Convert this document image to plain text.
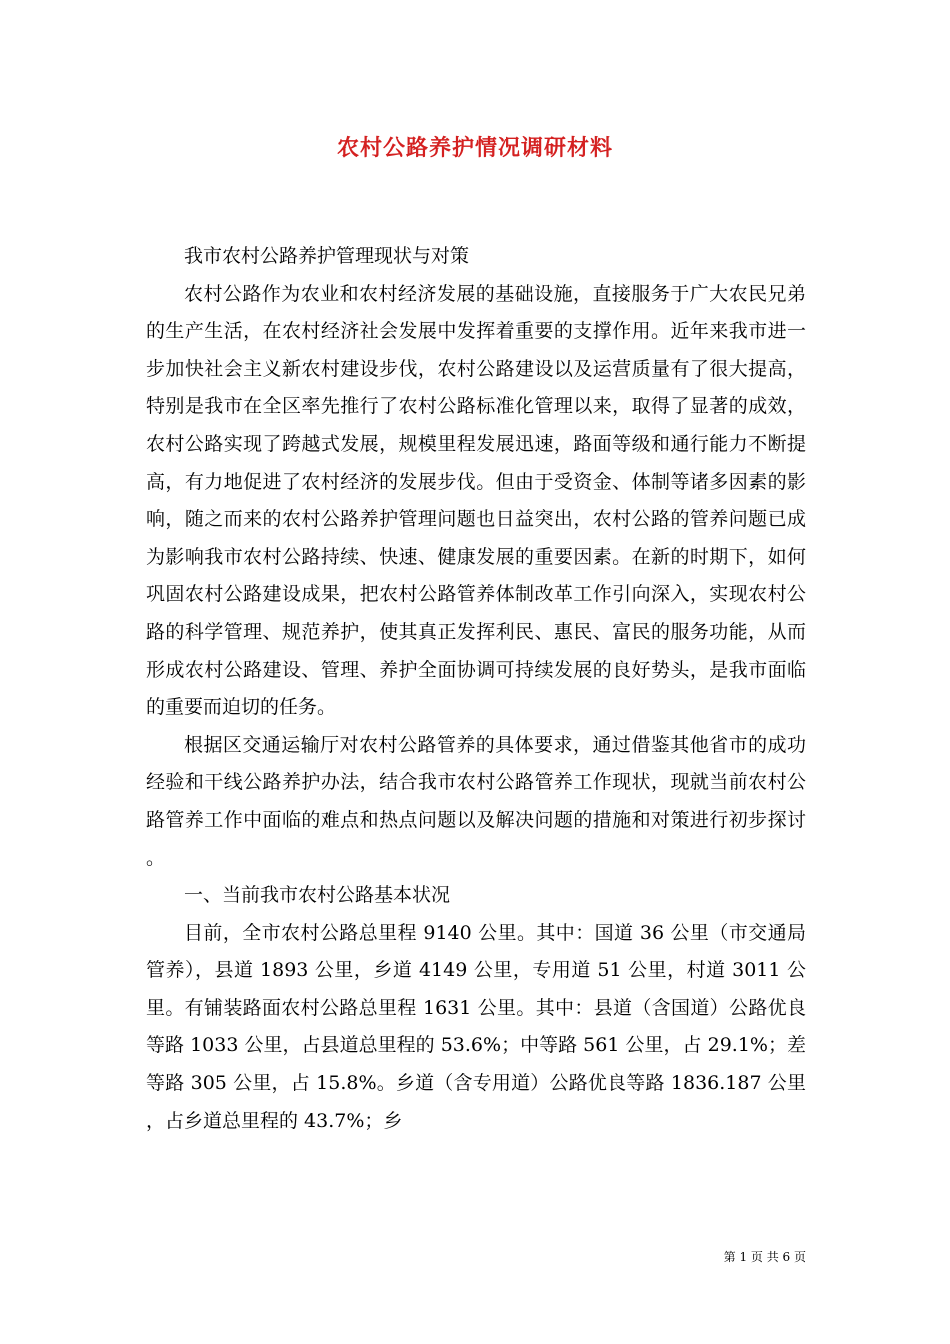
农村公路养护情况调研材料

我市农村公路养护管理现状与对策

农村公路作为农业和农村经济发展的基础设施，直接服务于广大农民兄弟的生产生活，在农村经济社会发展中发挥着重要的支撑作用。近年来我市进一步加快社会主义新农村建设步伐，农村公路建设以及运营质量有了很大提高，特别是我市在全区率先推行了农村公路标准化管理以来，取得了显著的成效，农村公路实现了跨越式发展，规模里程发展迅速，路面等级和通行能力不断提高，有力地促进了农村经济的发展步伐。但由于受资金、体制等诸多因素的影响，随之而来的农村公路养护管理问题也日益突出，农村公路的管养问题已成为影响我市农村公路持续、快速、健康发展的重要因素。在新的时期下，如何巩固农村公路建设成果，把农村公路管养体制改革工作引向深入，实现农村公路的科学管理、规范养护，使其真正发挥利民、惠民、富民的服务功能，从而形成农村公路建设、管理、养护全面协调可持续发展的良好势头，是我市面临的重要而迫切的任务。

根据区交通运输厅对农村公路管养的具体要求，通过借鉴其他省市的成功经验和干线公路养护办法，结合我市农村公路管养工作现状，现就当前农村公路管养工作中面临的难点和热点问题以及解决问题的措施和对策进行初步探讨。

一、当前我市农村公路基本状况

目前，全市农村公路总里程 9140 公里。其中：国道 36 公里（市交通局管养），县道 1893 公里，乡道 4149 公里，专用道 51 公里，村道 3011 公里。有铺装路面农村公路总里程 1631 公里。其中：县道（含国道）公路优良等路 1033 公里，占县道总里程的 53.6%；中等路 561 公里，占 29.1%；差等路 305 公里，占 15.8%。乡道（含专用道）公路优良等路 1836.187 公里，占乡道总里程的 43.7%；乡

第 1 页 共 6 页
